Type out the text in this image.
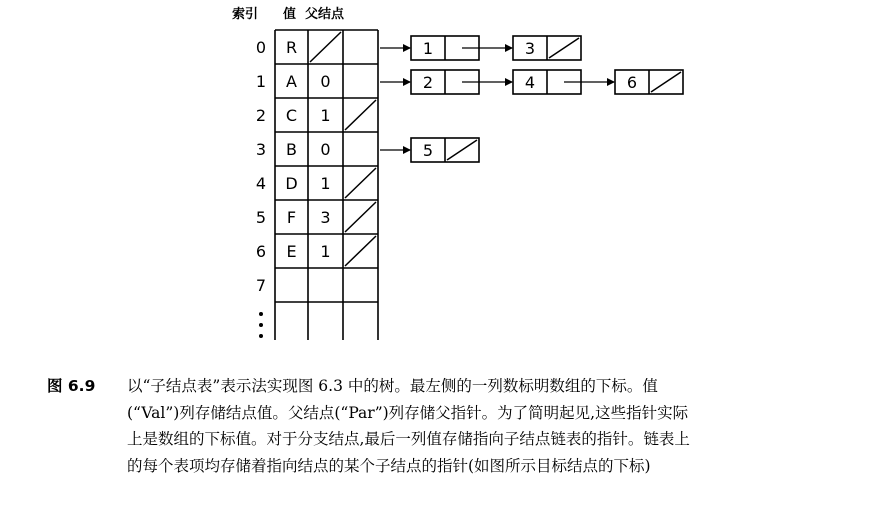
索引 值 父结点
0 R
1 A 0
2 C 1
3 B 0
4 D 1
5 F 3
6 E 1
7
1	3
2	4	6
5
图 6.9 以“子结点表”表示法实现图 6.3 中的树。最左侧的一列数标明数组的下标。值
(“Val”)列存储结点值。父结点(“Par”)列存储父指针。为了简明起见,这些指针实际
上是数组的下标值。对于分支结点,最后一列值存储指向子结点链表的指针。链表上
的每个表项均存储着指向结点的某个子结点的指针(如图所示目标结点的下标)
